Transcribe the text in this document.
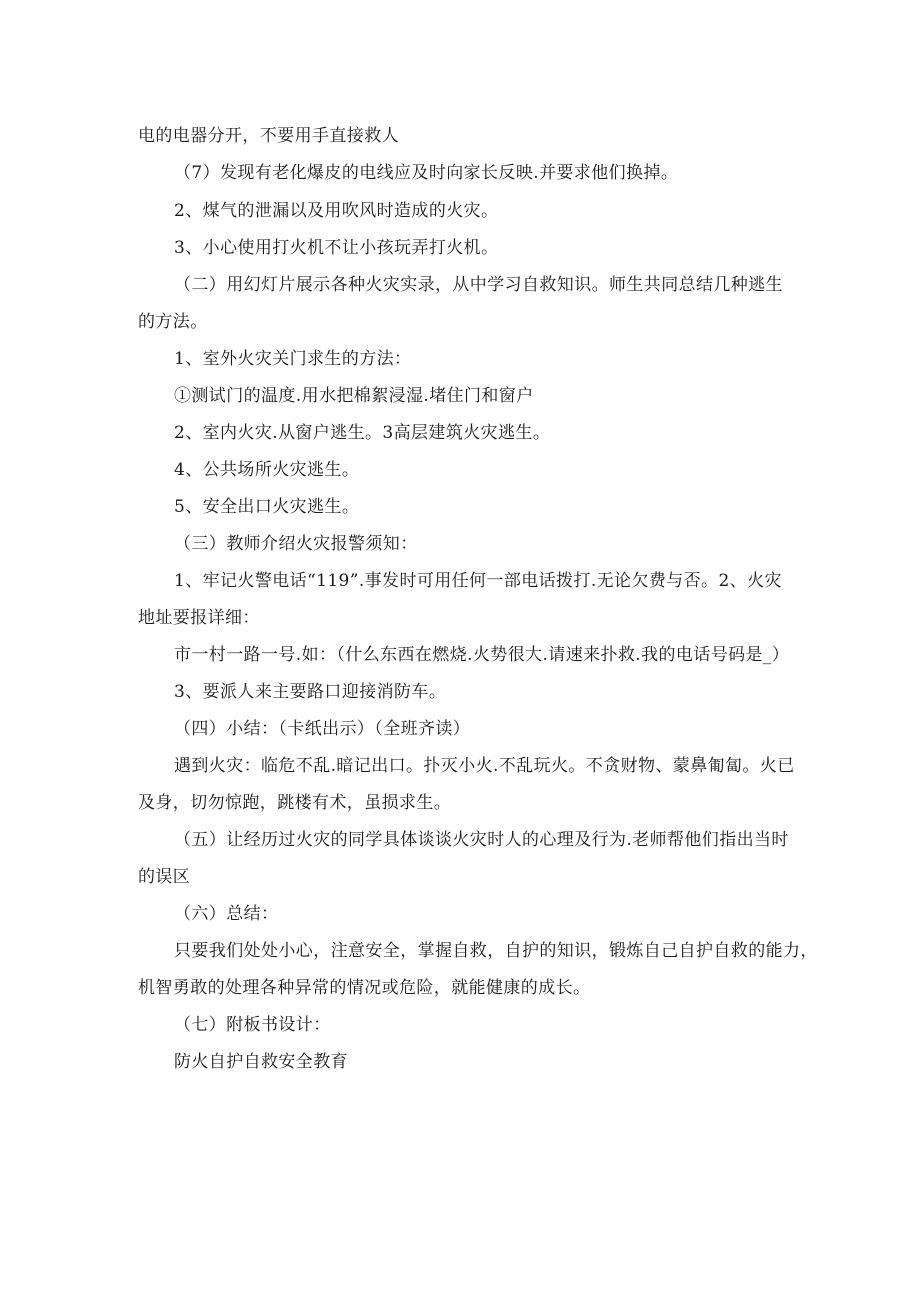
电的电器分开，不要用手直接救人
（7）发现有老化爆皮的电线应及时向家长反映.并要求他们换掉。
2、煤气的泄漏以及用吹风时造成的火灾。
3、小心使用打火机不让小孩玩弄打火机。
（二）用幻灯片展示各种火灾实录，从中学习自救知识。师生共同总结几种逃生
的方法。
1、室外火灾关门求生的方法：
①测试门的温度.用水把棉絮浸湿.堵住门和窗户
2、室内火灾.从窗户逃生。3高层建筑火灾逃生。
4、公共场所火灾逃生。
5、安全出口火灾逃生。
（三）教师介绍火灾报警须知：
1、牢记火警电话“119”.事发时可用任何一部电话拨打.无论欠费与否。2、火灾
地址要报详细：
市一村一路一号.如：（什么东西在燃烧.火势很大.请速来扑救.我的电话号码是_）
3、要派人来主要路口迎接消防车。
（四）小结：（卡纸出示）（全班齐读）
遇到火灾：临危不乱.暗记出口。扑灭小火.不乱玩火。不贪财物、蒙鼻匍匐。火已
及身，切勿惊跑，跳楼有术，虽损求生。
（五）让经历过火灾的同学具体谈谈火灾时人的心理及行为.老师帮他们指出当时
的误区
（六）总结：
只要我们处处小心，注意安全，掌握自救，自护的知识，锻炼自己自护自救的能力，
机智勇敢的处理各种异常的情况或危险，就能健康的成长。
（七）附板书设计：
防火自护自救安全教育
